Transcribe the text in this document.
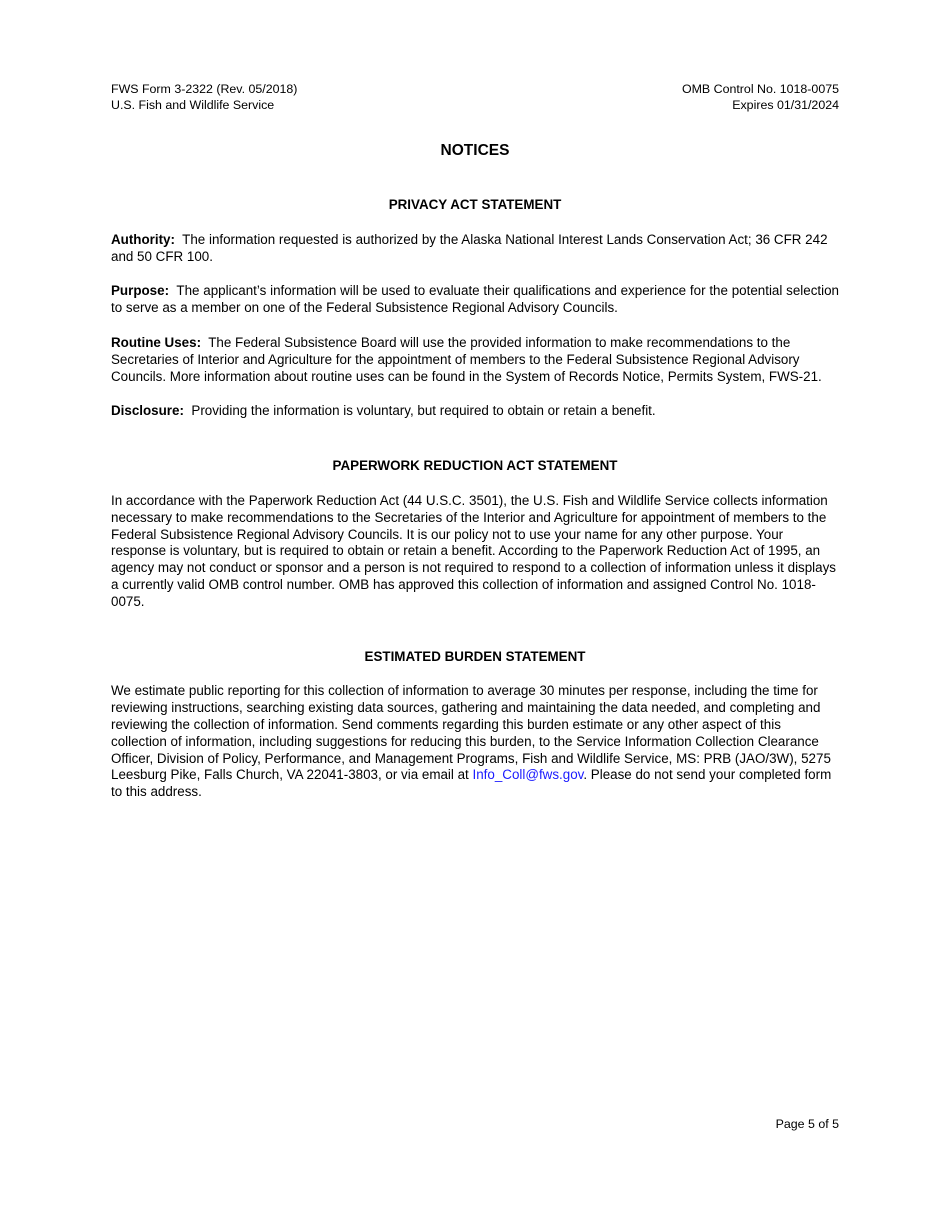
FWS Form 3-2322 (Rev. 05/2018)
U.S. Fish and Wildlife Service
OMB Control No. 1018-0075
Expires 01/31/2024
NOTICES
PRIVACY ACT STATEMENT

Authority: The information requested is authorized by the Alaska National Interest Lands Conservation Act; 36 CFR 242 and 50 CFR 100.

Purpose: The applicant’s information will be used to evaluate their qualifications and experience for the potential selection to serve as a member on one of the Federal Subsistence Regional Advisory Councils.

Routine Uses: The Federal Subsistence Board will use the provided information to make recommendations to the Secretaries of Interior and Agriculture for the appointment of members to the Federal Subsistence Regional Advisory Councils. More information about routine uses can be found in the System of Records Notice, Permits System, FWS-21.

Disclosure: Providing the information is voluntary, but required to obtain or retain a benefit.

PAPERWORK REDUCTION ACT STATEMENT

In accordance with the Paperwork Reduction Act (44 U.S.C. 3501), the U.S. Fish and Wildlife Service collects information necessary to make recommendations to the Secretaries of the Interior and Agriculture for appointment of members to the Federal Subsistence Regional Advisory Councils. It is our policy not to use your name for any other purpose. Your response is voluntary, but is required to obtain or retain a benefit. According to the Paperwork Reduction Act of 1995, an agency may not conduct or sponsor and a person is not required to respond to a collection of information unless it displays a currently valid OMB control number. OMB has approved this collection of information and assigned Control No. 1018-0075.

ESTIMATED BURDEN STATEMENT

We estimate public reporting for this collection of information to average 30 minutes per response, including the time for reviewing instructions, searching existing data sources, gathering and maintaining the data needed, and completing and reviewing the collection of information. Send comments regarding this burden estimate or any other aspect of this collection of information, including suggestions for reducing this burden, to the Service Information Collection Clearance Officer, Division of Policy, Performance, and Management Programs, Fish and Wildlife Service, MS: PRB (JAO/3W), 5275 Leesburg Pike, Falls Church, VA 22041-3803, or via email at Info_Coll@fws.gov. Please do not send your completed form to this address.

Page 5 of 5
